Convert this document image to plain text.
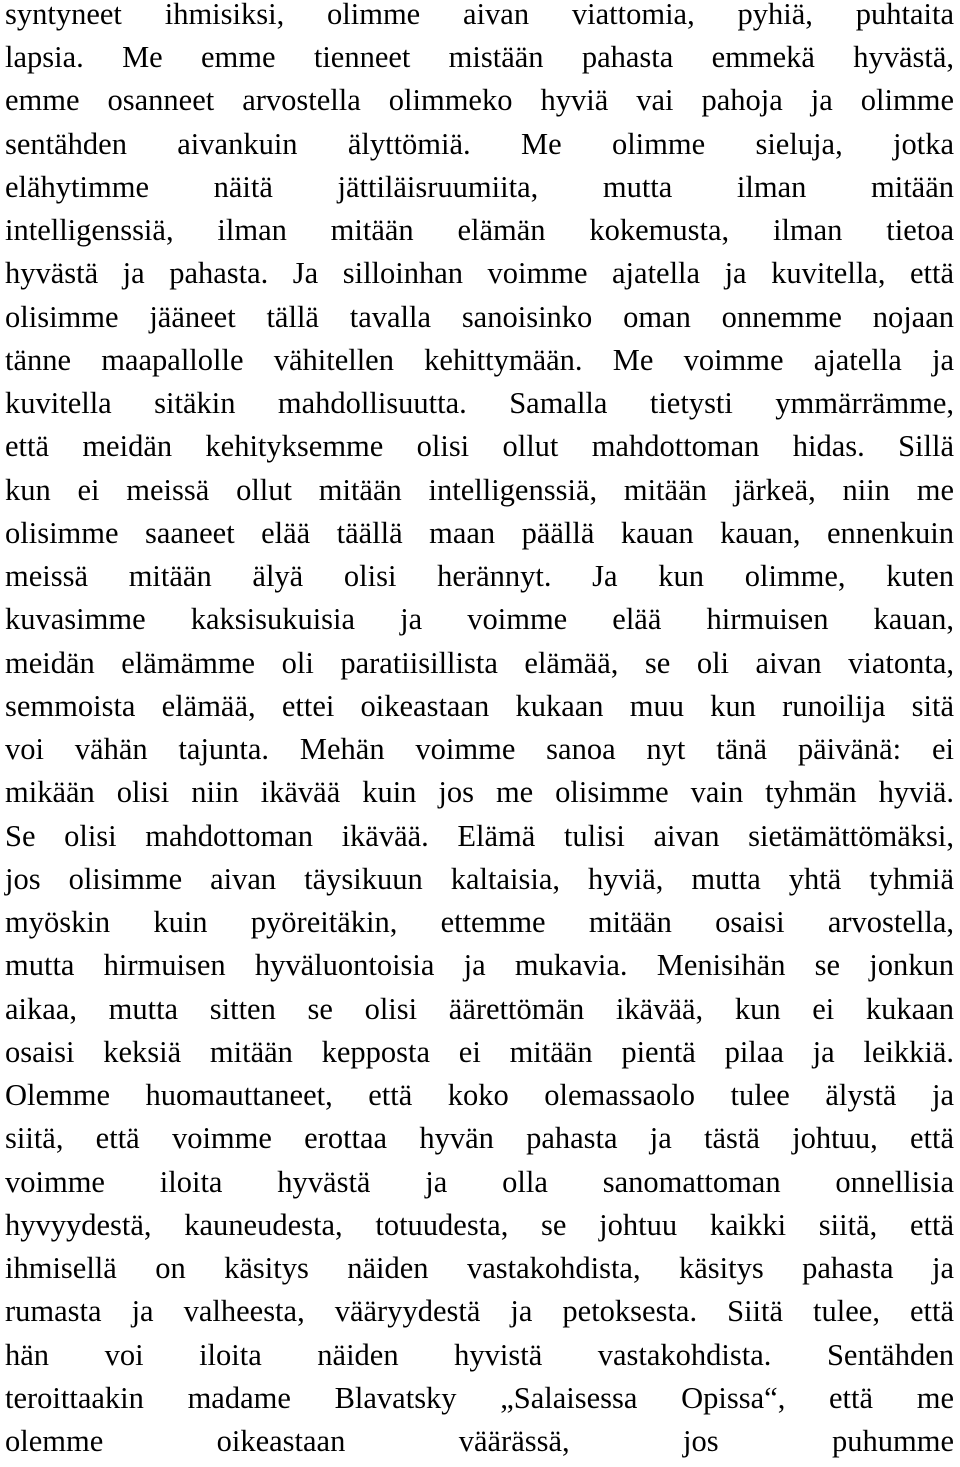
syntyneet ihmisiksi, olimme aivan viattomia, pyhiä, puhtaita
lapsia. Me emme tienneet mistään pahasta emmekä hyvästä,
emme osanneet arvostella olimmeko hyviä vai pahoja ja olimme
sentähden aivankuin älyttömiä. Me olimme sieluja, jotka
elähytimme näitä jättiläisruumiita, mutta ilman mitään
intelligenssiä, ilman mitään elämän kokemusta, ilman tietoa
hyvästä ja pahasta. Ja silloinhan voimme ajatella ja kuvitella, että
olisimme jääneet tällä tavalla sanoisinko oman onnemme nojaan
tänne maapallolle vähitellen kehittymään. Me voimme ajatella ja
kuvitella sitäkin mahdollisuutta. Samalla tietysti ymmärrämme,
että meidän kehityksemme olisi ollut mahdottoman hidas. Sillä
kun ei meissä ollut mitään intelligenssiä, mitään järkeä, niin me
olisimme saaneet elää täällä maan päällä kauan kauan, ennenkuin
meissä mitään älyä olisi herännyt. Ja kun olimme, kuten
kuvasimme kaksisukuisia ja voimme elää hirmuisen kauan,
meidän elämämme oli paratiisillista elämää, se oli aivan viatonta,
semmoista elämää, ettei oikeastaan kukaan muu kun runoilija sitä
voi vähän tajunta. Mehän voimme sanoa nyt tänä päivänä: ei
mikään olisi niin ikävää kuin jos me olisimme vain tyhmän hyviä.
Se olisi mahdottoman ikävää. Elämä tulisi aivan sietämättömäksi,
jos olisimme aivan täysikuun kaltaisia, hyviä, mutta yhtä tyhmiä
myöskin kuin pyöreitäkin, ettemme mitään osaisi arvostella,
mutta hirmuisen hyväluontoisia ja mukavia. Menisihän se jonkun
aikaa, mutta sitten se olisi äärettömän ikävää, kun ei kukaan
osaisi keksiä mitään kepposta ei mitään pientä pilaa ja leikkiä.
Olemme huomauttaneet, että koko olemassaolo tulee älystä ja
siitä, että voimme erottaa hyvän pahasta ja tästä johtuu, että
voimme iloita hyvästä ja olla sanomattoman onnellisia
hyvyydestä, kauneudesta, totuudesta, se johtuu kaikki siitä, että
ihmisellä on käsitys näiden vastakohdista, käsitys pahasta ja
rumasta ja valheesta, vääryydestä ja petoksesta. Siitä tulee, että
hän voi iloita näiden hyvistä vastakohdista. Sentähden
teroittaakin madame Blavatsky „Salaisessa Opissa“, että me
olemme oikeastaan väärässä, jos puhumme
